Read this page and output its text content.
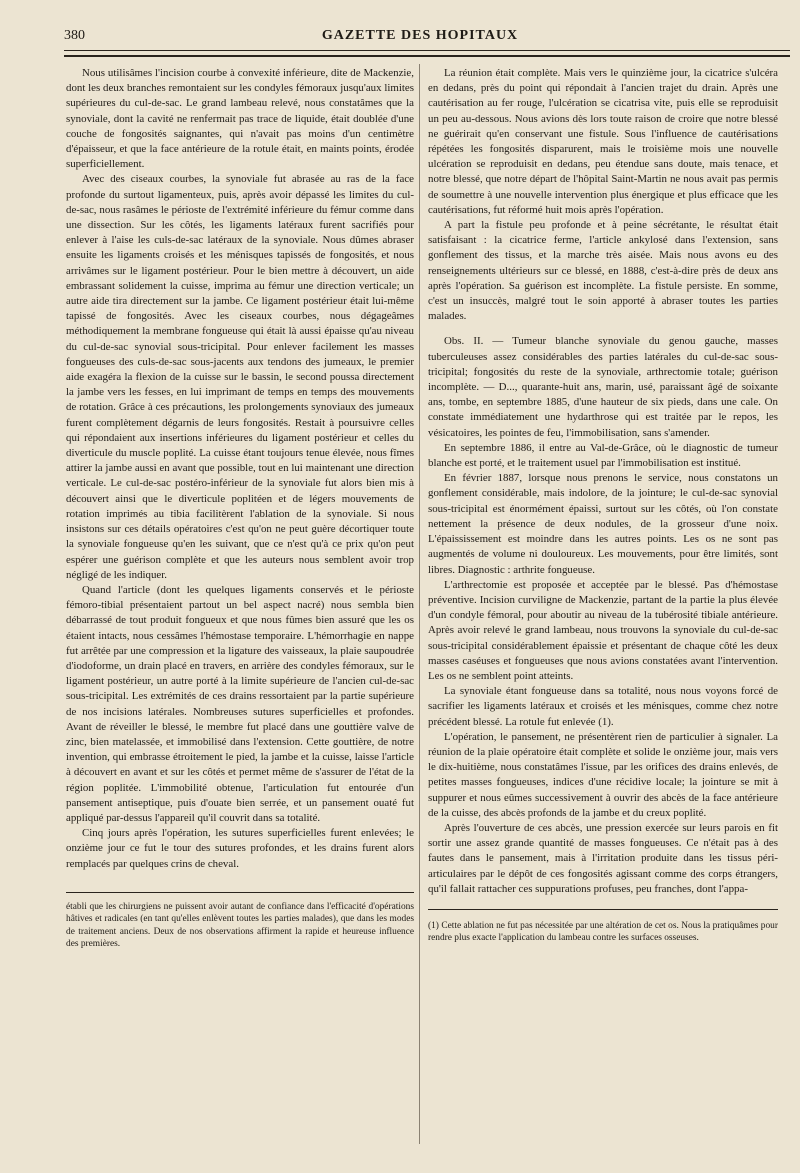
380	GAZETTE DES HOPITAUX

Nous utilisâmes l'incision courbe à convexité inférieure, dite de Mackenzie, dont les deux branches remontaient sur les condyles fémoraux jusqu'aux limites supérieures du cul-de-sac. Le grand lambeau relevé, nous constatâmes que la synoviale, dont la cavité ne renfermait pas trace de liquide, était doublée d'une couche de fongosités saignantes, qui n'avait pas moins d'un centimètre d'épaisseur, et que la face antérieure de la rotule était, en maints points, érodée superficiellement.

Avec des ciseaux courbes, la synoviale fut abrasée au ras de la face profonde du surtout ligamenteux, puis, après avoir dépassé les limites du cul-de-sac, nous rasâmes le périoste de l'extrémité inférieure du fémur comme dans une dissection. Sur les côtés, les ligaments latéraux furent sacrifiés pour enlever à l'aise les culs-de-sac latéraux de la synoviale. Nous dûmes abraser ensuite les ligaments croisés et les ménisques tapissés de fongosités, et nous arrivâmes sur le ligament postérieur. Pour le bien mettre à découvert, un aide embrassant solidement la cuisse, imprima au fémur une direction verticale; un autre aide tira directement sur la jambe. Ce ligament postérieur était lui-même tapissé de fongosités. Avec les ciseaux courbes, nous dégageâmes méthodiquement la membrane fongueuse qui était là aussi épaisse qu'au niveau du cul-de-sac synovial sous-tricipital. Pour enlever facilement les masses fongueuses des culs-de-sac sous-jacents aux tendons des jumeaux, le premier aide exagéra la flexion de la cuisse sur le bassin, le second poussa directement la jambe vers les fesses, en lui imprimant de temps en temps des mouvements de rotation. Grâce à ces précautions, les prolongements synoviaux des jumeaux furent complètement dégarnis de leurs fongosités. Restait à poursuivre celles qui répondaient aux insertions inférieures du ligament postérieur et celles du diverticule du muscle poplité. La cuisse étant toujours tenue élevée, nous fîmes attirer la jambe aussi en avant que possible, tout en lui maintenant une direction verticale. Le cul-de-sac postéro-inférieur de la synoviale fut alors bien mis à découvert ainsi que le diverticule poplitéen et de légers mouvements de rotation imprimés au tibia facilitèrent l'ablation de la synoviale. Si nous insistons sur ces détails opératoires c'est qu'on ne peut guère décortiquer toute la synoviale fongueuse qu'en les suivant, que ce n'est qu'à ce prix qu'on peut espérer une guérison complète et que les auteurs nous semblent avoir trop négligé de les indiquer.

Quand l'article (dont les quelques ligaments conservés et le périoste fémoro-tibial présentaient partout un bel aspect nacré) nous sembla bien débarrassé de tout produit fongueux et que nous fûmes bien assuré que les os étaient intacts, nous cessâmes l'hémostase temporaire. L'hémorrhagie en nappe fut arrêtée par une compression et la ligature des vaisseaux, la plaie saupoudrée d'iodoforme, un drain placé en travers, en arrière des condyles fémoraux, sur le ligament postérieur, un autre porté à la limite supérieure de l'ancien cul-de-sac sous-tricipital. Les extrémités de ces drains ressortaient par la partie supérieure de nos incisions latérales. Nombreuses sutures superficielles et profondes. Avant de réveiller le blessé, le membre fut placé dans une gouttière valve de zinc, bien matelassée, et immobilisé dans l'extension. Cette gouttière, de notre invention, qui embrasse étroitement le pied, la jambe et la cuisse, laisse l'article à découvert en avant et sur les côtés et permet même de s'assurer de l'état de la région poplitée. L'immobilité obtenue, l'articulation fut entourée d'un pansement antiseptique, puis d'ouate bien serrée, et un pansement ouaté fut appliqué par-dessus l'appareil qu'il couvrit dans sa totalité.

Cinq jours après l'opération, les sutures superficielles furent enlevées; le onzième jour ce fut le tour des sutures profondes, et les drains furent alors remplacés par quelques crins de cheval.

établi que les chirurgiens ne puissent avoir autant de confiance dans l'efficacité d'opérations hâtives et radicales (en tant qu'elles enlèvent toutes les parties malades), que dans les modes de traitement anciens. Deux de nos observations affirment la rapide et heureuse influence des premières.

La réunion était complète. Mais vers le quinzième jour, la cicatrice s'ulcéra en dedans, près du point qui répondait à l'ancien trajet du drain. Après une cautérisation au fer rouge, l'ulcération se cicatrisa vite, puis elle se reproduisit un peu au-dessous. Nous avions dès lors toute raison de croire que notre blessé ne guérirait qu'en conservant une fistule. Sous l'influence de cautérisations répétées les fongosités disparurent, mais le troisième mois une nouvelle ulcération se reproduisit en dedans, peu étendue sans doute, mais tenace, et notre blessé, que notre départ de l'hôpital Saint-Martin ne nous avait pas permis de soumettre à une nouvelle intervention plus énergique et plus efficace que les cautérisations, fut réformé huit mois après l'opération.

A part la fistule peu profonde et à peine sécrétante, le résultat était satisfaisant : la cicatrice ferme, l'article ankylosé dans l'extension, sans gonflement des tissus, et la marche très aisée. Mais nous avons eu des renseignements ultérieurs sur ce blessé, en 1888, c'est-à-dire près de deux ans après l'opération. Sa guérison est incomplète. La fistule persiste. En somme, c'est un insuccès, malgré tout le soin apporté à abraser toutes les parties malades.

Obs. II. — Tumeur blanche synoviale du genou gauche, masses tuberculeuses assez considérables des parties latérales du cul-de-sac sous-tricipital; fongosités du reste de la synoviale, arthrectomie totale; guérison incomplète. — D..., quarante-huit ans, marin, usé, paraissant âgé de soixante ans, tombe, en septembre 1885, d'une hauteur de six pieds, dans une cale. On constate immédiatement une hydarthrose qui est traitée par le repos, les vésicatoires, les pointes de feu, l'immobilisation, sans s'amender.

En septembre 1886, il entre au Val-de-Grâce, où le diagnostic de tumeur blanche est porté, et le traitement usuel par l'immobilisation est institué.

En février 1887, lorsque nous prenons le service, nous constatons un gonflement considérable, mais indolore, de la jointure; le cul-de-sac synovial sous-tricipital est énormément épaissi, surtout sur les côtés, où l'on constate nettement la présence de deux nodules, de la grosseur d'une noix. L'épaississement est moindre dans les autres points. Les os ne sont pas augmentés de volume ni douloureux. Les mouvements, pour être limités, sont libres. Diagnostic : arthrite fongueuse.

L'arthrectomie est proposée et acceptée par le blessé. Pas d'hémostase préventive. Incision curviligne de Mackenzie, partant de la partie la plus élevée d'un condyle fémoral, pour aboutir au niveau de la tubérosité tibiale antérieure. Après avoir relevé le grand lambeau, nous trouvons la synoviale du cul-de-sac sous-tricipital considérablement épaissie et présentant de chaque côté les deux masses caséuses et fongueuses que nous avions constatées avant l'intervention. Les os ne semblent point atteints.

La synoviale étant fongueuse dans sa totalité, nous nous voyons forcé de sacrifier les ligaments latéraux et croisés et les ménisques, comme chez notre précédent blessé. La rotule fut enlevée (1).

L'opération, le pansement, ne présentèrent rien de particulier à signaler. La réunion de la plaie opératoire était complète et solide le onzième jour, mais vers le dix-huitième, nous constatâmes l'issue, par les orifices des drains enlevés, de petites masses fongueuses, indices d'une récidive locale; la jointure se mit à suppurer et nous eûmes successivement à ouvrir des abcès de la face antérieure de la cuisse, des abcès profonds de la jambe et du creux poplité.

Après l'ouverture de ces abcès, une pression exercée sur leurs parois en fit sortir une assez grande quantité de masses fongueuses. Ce n'était pas à des fautes dans le pansement, mais à l'irritation produite dans les tissus péri-articulaires par le dépôt de ces fongosités agissant comme des corps étrangers, qu'il fallait rattacher ces suppurations profuses, peu franches, dont l'appa-

(1) Cette ablation ne fut pas nécessitée par une altération de cet os. Nous la pratiquâmes pour rendre plus exacte l'application du lambeau contre les surfaces osseuses.
